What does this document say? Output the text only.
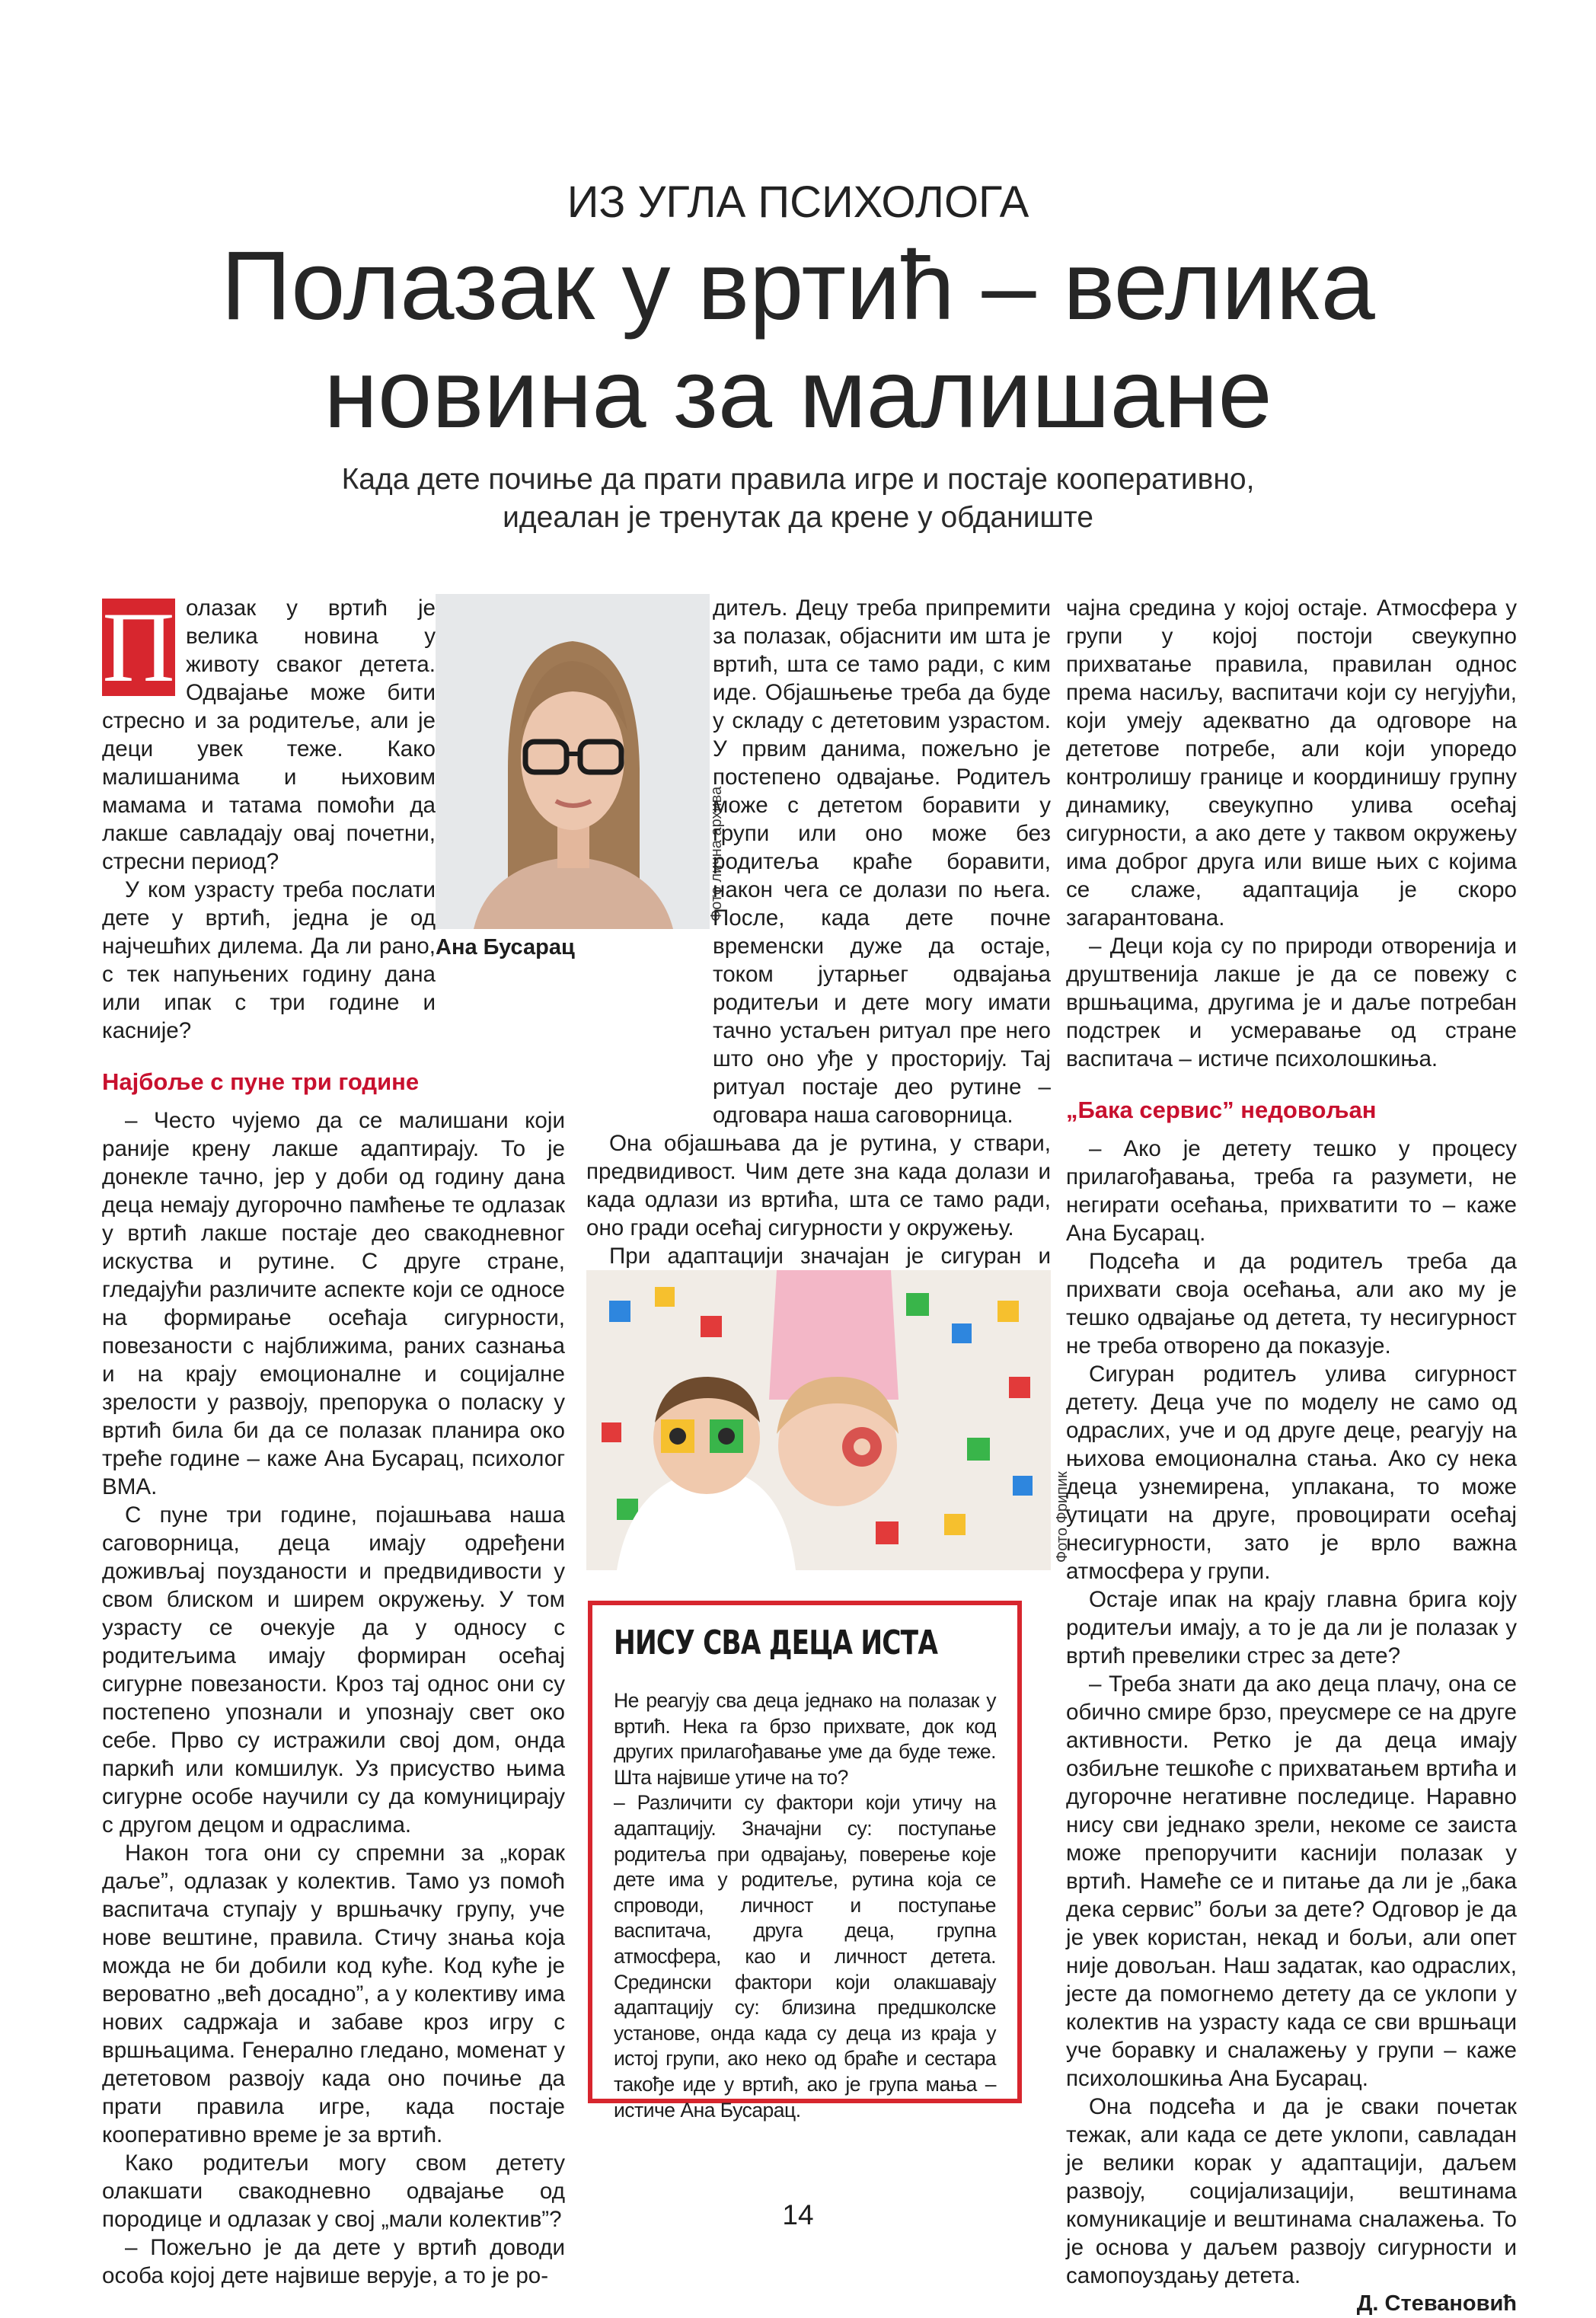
ИЗ УГЛА ПСИХОЛОГА
Полазак у вртић – велика
новина за малишане
Када дете почиње да прати правила игре и постаје кооперативно,
идеалан је тренутак да крене у обданиште

П олазак у вртић је велика новина у животу сваког детета. Одвајање може бити стресно и за родитеље, али је деци увек теже. Како малишанима и њиховим мамама и татама помоћи да лакше савладају овај почетни, стресни период?

У ком узрасту треба послати дете у вртић, једна је од најчешћих дилема. Да ли рано, с тек напуњених годину дана или ипак с три године и касније?

Најбоље с пуне три године

– Често чујемо да се малишани који раније крену лакше адаптирају. То је донекле тачно, јер у доби од годину дана деца немају дугорочно памћење те одлазак у вртић лакше постаје део свакодневног искуства и рутине. С друге стране, гледајући различите аспекте који се односе на формирање осећаја сигурности, повезаности с најближима, раних сазнања и на крају емоционалне и социјалне зрелости у развоју, препорука о поласку у вртић била би да се полазак планира око треће године – каже Ана Бусарац, психолог ВМА.

С пуне три године, појашњава наша саговорница, деца имају одређени доживљај поузданости и предвидивости у свом блиском и ширем окружењу. У том узрасту се очекује да у односу с родитељима имају формиран осећај сигурне повезаности. Кроз тај однос они су постепено упознали и упознају свет око себе. Прво су истражили свој дом, онда паркић или комшилук. Уз присуство њима сигурне особе научили су да комуницирају с другом децом и одраслима.

Након тога они су спремни за „корак даље”, одлазак у колектив. Тамо уз помоћ васпитача ступају у вршњачку групу, уче нове вештине, правила. Стичу знања која можда не би добили код куће. Код куће је вероватно „већ досадно”, а у колективу има нових садржаја и забаве кроз игру с вршњацима. Генерално гледано, моменат у дететовом развоју када оно почиње да прати правила игре, када постаје кооперативно време је за вртић.

Како родитељи могу свом детету олакшати свакодневно одвајање од породице и одлазак у свој „мали колектив”?

– Пожељно је да дете у вртић доводи особа којој дете највише верује, а то је ро-

Фото лична архива
Ана Бусарац

дитељ. Децу треба припремити за полазак, објаснити им шта је вртић, шта се тамо ради, с ким иде. Објашњење треба да буде у складу с дететовим узрастом. У првим данима, пожељно је постепено одвајање. Родитељ може с дететом боравити у групи или оно може без родитеља краће боравити, након чега се долази по њега. После, када дете почне временски дуже да остаје, током јутарњег одвајања родитељи и дете могу имати тачно устаљен ритуал пре него што оно уђе у просторију. Тај ритуал постаје део рутине – одговара наша саговорница.

Она објашњава да је рутина, у ствари, предвидивост. Чим дете зна када долази и када одлази из вртића, шта се тамо ради, оно гради осећај сигурности у окружењу.

При адаптацији значајан је сигуран и

Фото Фрипик
НИСУ СВА ДЕЦА ИСТА

Не реагују сва деца једнако на полазак у вртић. Нека га брзо прихвате, док код других прилагођавање уме да буде теже. Шта највише утиче на то?

– Различити су фактори који утичу на адаптацију. Значајни су: поступање родитеља при одвајању, поверење које дете има у родитеље, рутина која се спроводи, личност и поступање васпитача, друга деца, групна атмосфера, као и личност детета. Средински фактори који олакшавају адаптацију су: близина предшколске установе, онда када су деца из краја у истој групи, ако неко од браће и сестара такође иде у вртић, ако је група мања – истиче Ана Бусарац.

чајна средина у којој остаје. Атмосфера у групи у којој постоји свеукупно прихватање правила, правилан однос према насиљу, васпитачи који су негујући, који умеју адекватно да одговоре на дететове потребе, али који упоредо контролишу границе и координишу групну динамику, свеукупно улива осећај сигурности, а ако дете у таквом окружењу има доброг друга или више њих с којима се слаже, адаптација је скоро загарантована.

– Деци која су по природи отворенија и друштвенија лакше је да се повежу с вршњацима, другима је и даље потребан подстрек и усмеравање од стране васпитача – истиче психолошкиња.

„Бака сервис” недовољан

– Ако је детету тешко у процесу прилагођавања, треба га разумети, не негирати осећања, прихватити то – каже Ана Бусарац.

Подсећа и да родитељ треба да прихвати своја осећања, али ако му је тешко одвајање од детета, ту несигурност не треба отворено да показује.

Сигуран родитељ улива сигурност детету. Деца уче по моделу не само од одраслих, уче и од друге деце, реагују на њихова емоционална стања. Ако су нека деца узнемирена, уплакана, то може утицати на друге, провоцирати осећај несигурности, зато је врло важна атмосфера у групи.

Остаје ипак на крају главна брига коју родитељи имају, а то је да ли је полазак у вртић превелики стрес за дете?

– Треба знати да ако деца плачу, она се обично смире брзо, преусмере се на друге активности. Ретко је да деца имају озбиљне тешкоће с прихватањем вртића и дугорочне негативне последице. Наравно нису сви једнако зрели, некоме се заиста може препоручити каснији полазак у вртић. Намеће се и питање да ли је „бака дека сервис” бољи за дете? Одговор је да је увек користан, некад и бољи, али опет није довољан. Наш задатак, као одраслих, јесте да помогнемо детету да се уклопи у колектив на узрасту када се сви вршњаци уче боравку и сналажењу у групи – каже психолошкиња Ана Бусарац.

Она подсећа и да је сваки почетак тежак, али када се дете уклопи, савладан је велики корак у адаптацији, даљем развоју, социјализацији, вештинама комуникације и вештинама сналажења. То је основа у даљем развоју сигурности и самопоуздању детета.

Д. Стевановић
14
